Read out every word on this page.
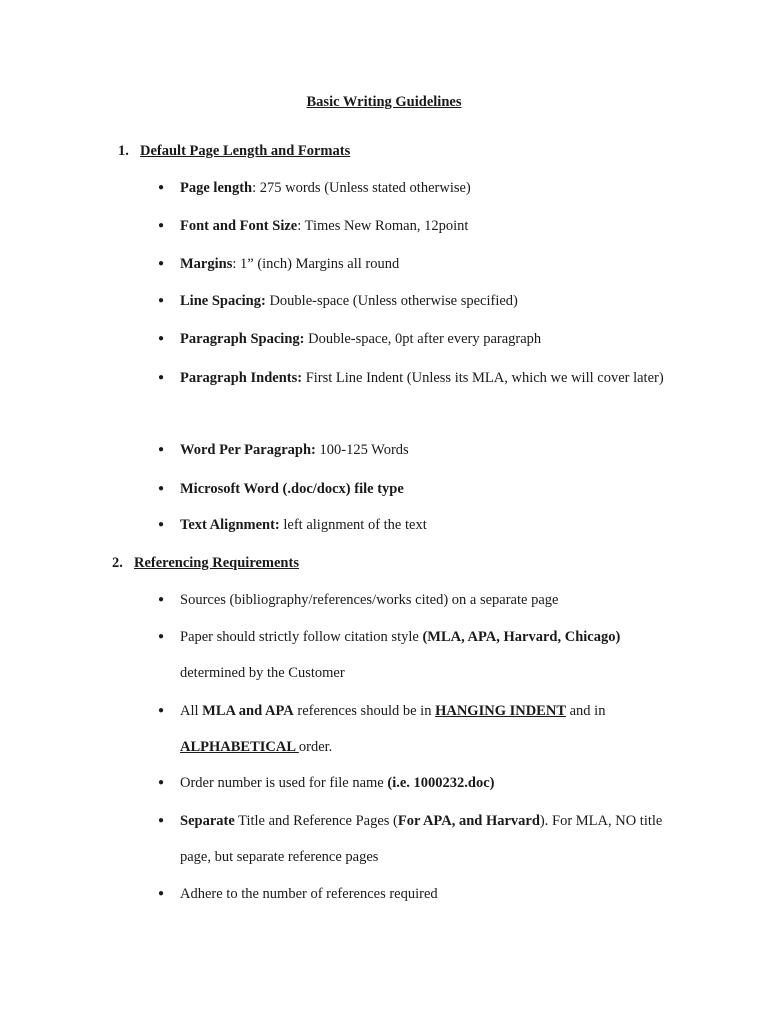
Basic Writing Guidelines
1. Default Page Length and Formats

● Page length: 275 words (Unless stated otherwise)

● Font and Font Size: Times New Roman, 12point

● Margins: 1” (inch) Margins all round

● Line Spacing: Double-space (Unless otherwise specified)

● Paragraph Spacing: Double-space, 0pt after every paragraph

● Paragraph Indents: First Line Indent (Unless its MLA, which we will cover later)

● Word Per Paragraph: 100-125 Words

● Microsoft Word (.doc/docx) file type

● Text Alignment: left alignment of the text

2. Referencing Requirements

● Sources (bibliography/references/works cited) on a separate page

● Paper should strictly follow citation style (MLA, APA, Harvard, Chicago) determined by the Customer

● All MLA and APA references should be in HANGING INDENT and in
ALPHABETICAL order.

● Order number is used for file name (i.e. 1000232.doc)

● Separate Title and Reference Pages (For APA, and Harvard). For MLA, NO title page, but separate reference pages

● Adhere to the number of references required
